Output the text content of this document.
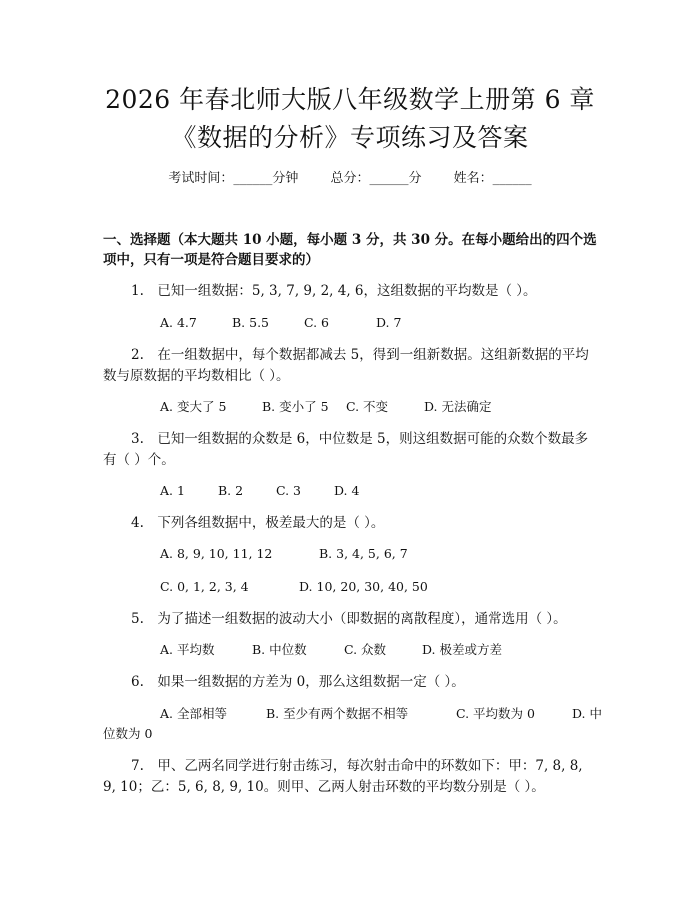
2026 年春北师大版八年级数学上册第 6 章
《数据的分析》专项练习及答案
考试时间：______分钟 总分：______分 姓名：______
一、选择题（本大题共 10 小题，每小题 3 分，共 30 分。在每小题给出的四个选
项中，只有一项是符合题目要求的）
1.　已知一组数据：5, 3, 7, 9, 2, 4, 6，这组数据的平均数是（ ）。
A. 4.7	B. 5.5	C. 6	D. 7
2.　在一组数据中，每个数据都减去 5，得到一组新数据。这组新数据的平均
数与原数据的平均数相比（ ）。
A. 变大了 5	B. 变小了 5 C. 不变	D. 无法确定
3.　已知一组数据的众数是 6，中位数是 5，则这组数据可能的众数个数最多
有（ ）个。
A. 1	B. 2	C. 3	D. 4
4.　下列各组数据中，极差最大的是（ ）。
A. 8, 9, 10, 11, 12	B. 3, 4, 5, 6, 7
C. 0, 1, 2, 3, 4	D. 10, 20, 30, 40, 50
5.　为了描述一组数据的波动大小（即数据的离散程度），通常选用（ ）。
A. 平均数	B. 中位数	C. 众数	D. 极差或方差
6.　如果一组数据的方差为 0，那么这组数据一定（ ）。
A. 全部相等	B. 至少有两个数据不相等	C. 平均数为 0	D. 中
位数为 0
7.　甲、乙两名同学进行射击练习，每次射击命中的环数如下：甲：7, 8, 8,
9, 10；乙：5, 6, 8, 9, 10。则甲、乙两人射击环数的平均数分别是（ ）。
